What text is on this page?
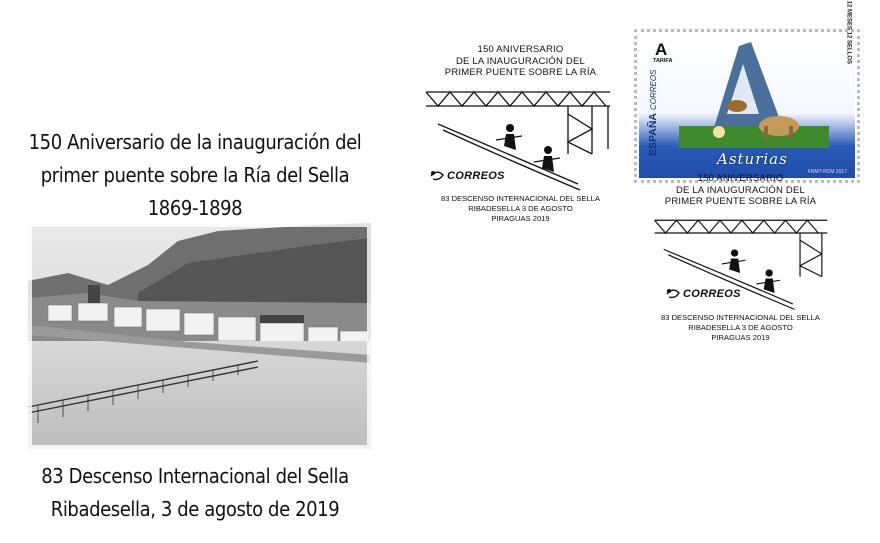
150 Aniversario de la inauguración del
primer puente sobre la Ría del Sella
1869-1898
83 Descenso Internacional del Sella
Ribadesella, 3 de agosto de 2019
150 ANIVERSARIO
DE LA INAUGURACIÓN DEL
PRIMER PUENTE SOBRE LA RÍA
CORREOS
83 DESCENSO INTERNACIONAL DEL SELLA
RIBADESELLA 3 DE AGOSTO
PIRAGUAS 2019
A
TARIFA
ESPAÑACORREOS
12 MESES 12 SELLOS
Asturias
FNMT-RCM 2017
150 ANIVERSARIO
DE LA INAUGURACIÓN DEL
PRIMER PUENTE SOBRE LA RÍA
CORREOS
83 DESCENSO INTERNACIONAL DEL SELLA
RIBADESELLA 3 DE AGOSTO
PIRAGUAS 2019
